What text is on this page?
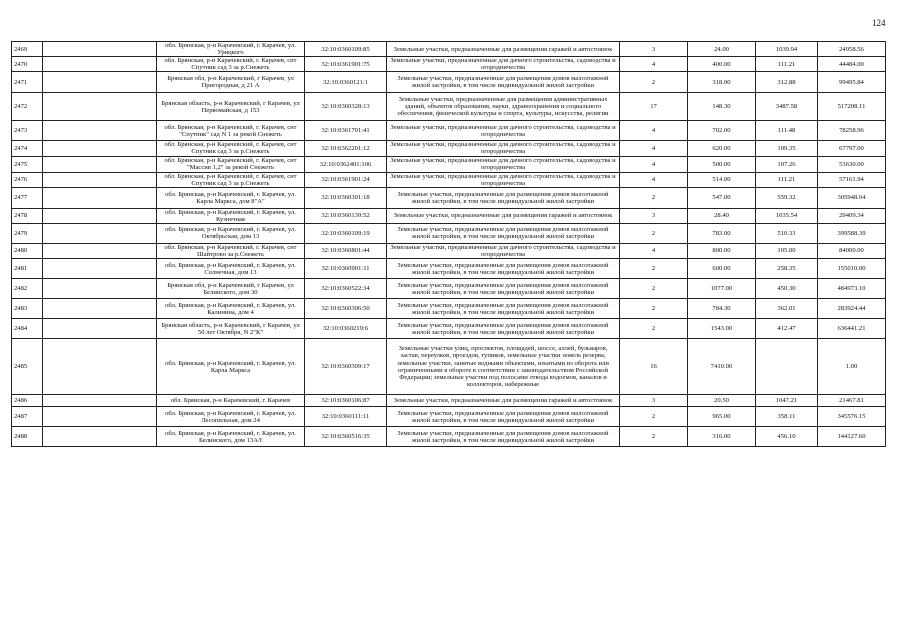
124
2469		обл. Брянская, р-н Карачевский, г. Карачев, ул. Урицкого	32:10:0360109:85	Земельные участки, предназначенные для размещения гаражей и автостоянок	3	24.00	1039.94	24958.56
2470		обл. Брянская, р-н Карачевский, г. Карачев, снт Спутник сад 3 за р.Снежеть	32:10:0361901:75	Земельные участки, предназначенные для дачного строительства, садоводства и огородничества	4	400.00	111.21	44484.00
2471		Брянская обл, р-н Карачевский, г Карачев, ул Пригородная, д 21 А	32:10:0360121:1	Земельные участки, предназначенные для размещения домов малоэтажной жилой застройки, в том числе индивидуальной жилой застройки	2	318.00	312.88	99495.84
2472		Брянская область, р-н Карачевский, г Карачев, ул Первомайская, д 153	32:10:0360328:13	Земельные участки, предназначенные для размещения административных зданий, объектов образования, науки, здравоохранения и социального обеспечения, физической культуры и спорта, культуры, искусства, религии	17	148.30	3487.58	517208.11
2473		обл. Брянская, р-н Карачевский, г. Карачев, снт "Спутник" сад N 1 за рекой Снежеть	32:10:0361701:41	Земельные участки, предназначенные для дачного строительства, садоводства и огородничества	4	702.00	111.48	78258.96
2474		обл. Брянская, р-н Карачевский, г. Карачев, снт Спутник сад 3 за р.Снежеть	32:10:0362201:12	Земельные участки, предназначенные для дачного строительства, садоводства и огородничества	4	620.00	109.35	67797.00
2475		обл. Брянская, р-н Карачевский, г. Карачев, снт "Массив 1,2" за рекой Снежеть	32:10:0362401:106	Земельные участки, предназначенные для дачного строительства, садоводства и огородничества	4	500.00	107.26	53630.00
2476		обл. Брянская, р-н Карачевский, г. Карачев, снт Спутник сад 3 за р.Снежеть	32:10:0361901:24	Земельные участки, предназначенные для дачного строительства, садоводства и огородничества	4	514.00	111.21	57161.94
2477		обл. Брянская, р-н Карачевский, г. Карачев, ул. Карла Маркса, дом 8"А"	32:10:0360301:18	Земельные участки, предназначенные для размещения домов малоэтажной жилой застройки, в том числе индивидуальной жилой застройки	2	547.00	559.32	305948.04
2478		обл. Брянская, р-н Карачевский, г. Карачев, ул. Кузнечная	32:10:0360139:52	Земельные участки, предназначенные для размещения гаражей и автостоянок	3	28.40	1035.54	29409.34
2479		обл. Брянская, р-н Карачевский, г. Карачев, ул. Октябрьская, дом 13	32:10:0360109:19	Земельные участки, предназначенные для размещения домов малоэтажной жилой застройки, в том числе индивидуальной жилой застройки	2	783.00	510.33	399588.39
2480		обл. Брянская, р-н Карачевский, г. Карачев, снт Шайтрово за р.Снежеть	32:10:0360801:44	Земельные участки, предназначенные для дачного строительства, садоводства и огородничества	4	800.00	105.00	84000.00
2481		обл. Брянская, р-н Карачевский, г. Карачев, ул. Солнечная, дом 13	32:10:0360901:11	Земельные участки, предназначенные для размещения домов малоэтажной жилой застройки, в том числе индивидуальной жилой застройки	2	600.00	258.35	155010.00
2482		Брянская обл, р-н Карачевский, г Карачев, ул Белинского, дом 30	32:10:0360522:34	Земельные участки, предназначенные для размещения домов малоэтажной жилой застройки, в том числе индивидуальной жилой застройки	2	1077.00	450.30	484973.10
2483		обл. Брянская, р-н Карачевский, г. Карачев, ул. Калинина, дом 4	32:10:0360306:50	Земельные участки, предназначенные для размещения домов малоэтажной жилой застройки, в том числе индивидуальной жилой застройки	2	784.30	362.01	283924.44
2484		Брянская область, р-н Карачевский, г Карачев, ул 50 лет Октября, N 2"К"	32:10:0360219:6	Земельные участки, предназначенные для размещения домов малоэтажной жилой застройки, в том числе индивидуальной жилой застройки	2	1543.00	412.47	636441.21
2485		обл. Брянская, р-н Карачевский, г. Карачев, ул. Карла Маркса	32:10:0360309:17	Земельные участки улиц, проспектов, площадей, шоссе, аллей, бульваров, застав, переулков, проездов, тупиков, земельные участки земель резерва; земельные участки, занятые водными объектами, изъятыми из оборота или ограниченными в обороте в соответствии с законодательством Российской Федерации; земельные участки под полосами отвода водоемов, каналов и коллекторов, набережные	16	7410.00		1.00
2486		обл. Брянская, р-н Карачевский, г. Карачев	32:10:0360106:87	Земельные участки, предназначенные для размещения гаражей и автостоянок	3	20.50	1047.21	21467.81
2487		обл. Брянская, р-н Карачевский, г. Карачев, ул. Лесопильная, дом 24	32:10:0360111:11	Земельные участки, предназначенные для размещения домов малоэтажной жилой застройки, в том числе индивидуальной жилой застройки	2	965.00	358.11	345576.15
2488		обл. Брянская, р-н Карачевский, г. Карачев, ул. Белинского, дом 13А/I	32:10:0360516:35	Земельные участки, предназначенные для размещения домов малоэтажной жилой застройки, в том числе индивидуальной жилой застройки	2	316.00	456.10	144127.60
